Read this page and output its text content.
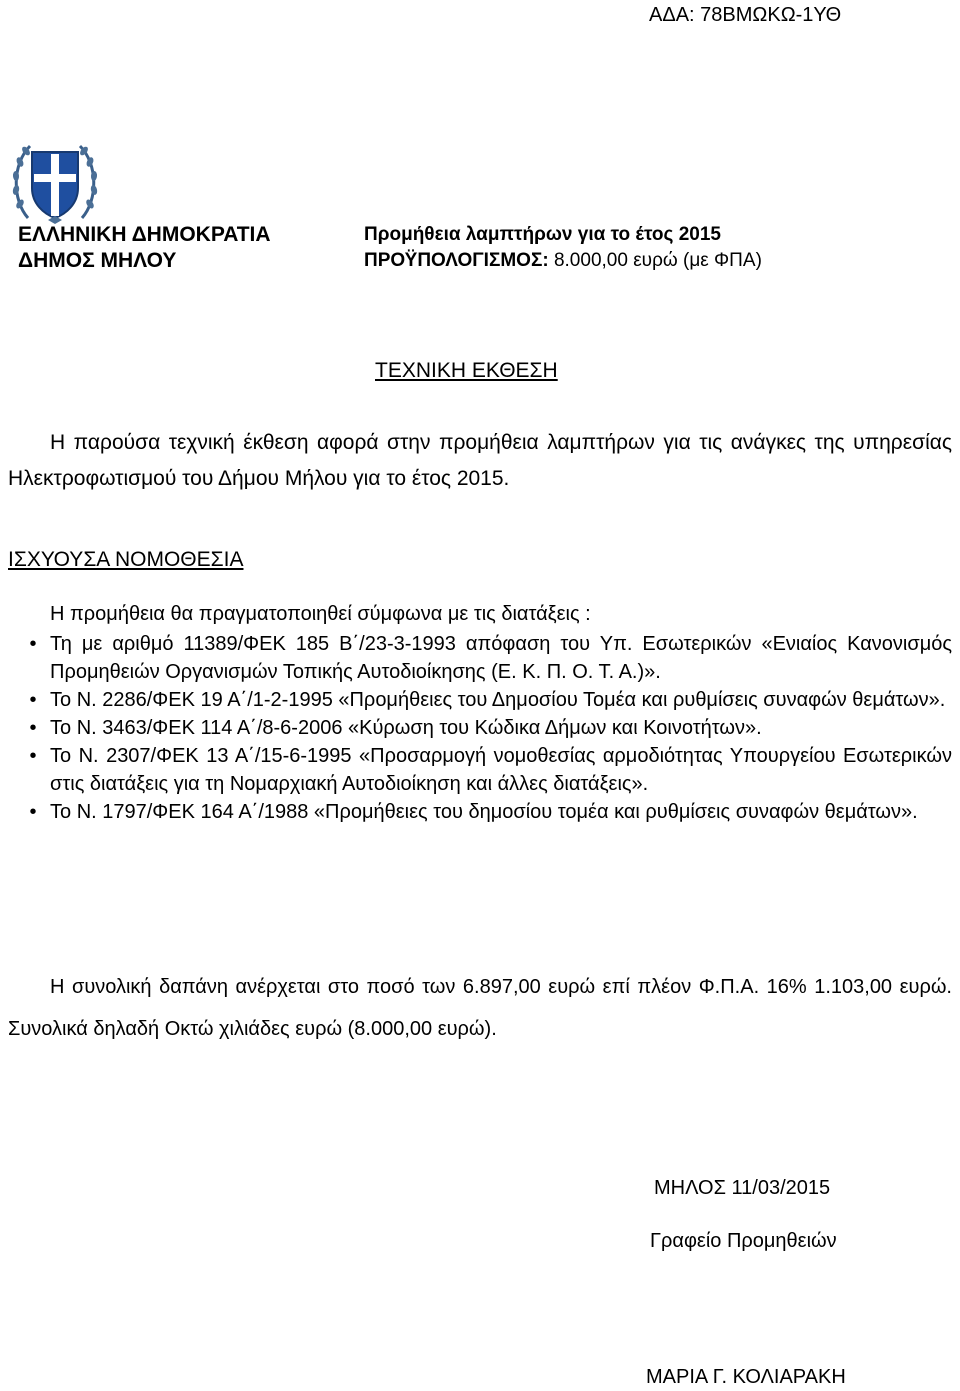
ΑΔΑ: 78ΒΜΩΚΩ-1ΥΘ
ΕΛΛΗΝΙΚΗ ΔΗΜΟΚΡΑΤΙΑ
ΔΗΜΟΣ ΜΗΛΟΥ
Προμήθεια λαμπτήρων για το έτος 2015
ΠΡΟΫΠΟΛΟΓΙΣΜΟΣ: 8.000,00 ευρώ (με ΦΠΑ)
ΤΕΧΝΙΚΗ ΕΚΘΕΣΗ

Η παρούσα τεχνική έκθεση αφορά στην προμήθεια λαμπτήρων για τις ανάγκες της υπηρεσίας Ηλεκτροφωτισμού του Δήμου Μήλου για το έτος 2015.

ΙΣΧΥΟΥΣΑ ΝΟΜΟΘΕΣΙΑ
Η προμήθεια θα πραγματοποιηθεί σύμφωνα με τις διατάξεις :
• Τη με αριθμό 11389/ΦΕΚ 185 Β΄/23-3-1993 απόφαση του Υπ. Εσωτερικών «Ενιαίος Κανονισμός Προμηθειών Οργανισμών Τοπικής Αυτοδιοίκησης (Ε. Κ. Π. Ο. Τ. Α.)».
• Το Ν. 2286/ΦΕΚ 19 Α΄/1-2-1995 «Προμήθειες του Δημοσίου Τομέα και ρυθμίσεις συναφών θεμάτων».
• Το Ν. 3463/ΦΕΚ 114 Α΄/8-6-2006 «Κύρωση του Κώδικα Δήμων και Κοινοτήτων».
• Το Ν. 2307/ΦΕΚ 13 Α΄/15-6-1995 «Προσαρμογή νομοθεσίας αρμοδιότητας Υπουργείου Εσωτερικών στις διατάξεις για τη Νομαρχιακή Αυτοδιοίκηση και άλλες διατάξεις».
• Το Ν. 1797/ΦΕΚ 164 Α΄/1988 «Προμήθειες του δημοσίου τομέα και ρυθμίσεις συναφών θεμάτων».

Η συνολική δαπάνη ανέρχεται στο ποσό των 6.897,00 ευρώ επί πλέον Φ.Π.Α. 16% 1.103,00 ευρώ. Συνολικά δηλαδή Οκτώ χιλιάδες ευρώ (8.000,00 ευρώ).

ΜΗΛΟΣ 11/03/2015
Γραφείο Προμηθειών
ΜΑΡΙΑ Γ. ΚΟΛΙΑΡΑΚΗ
